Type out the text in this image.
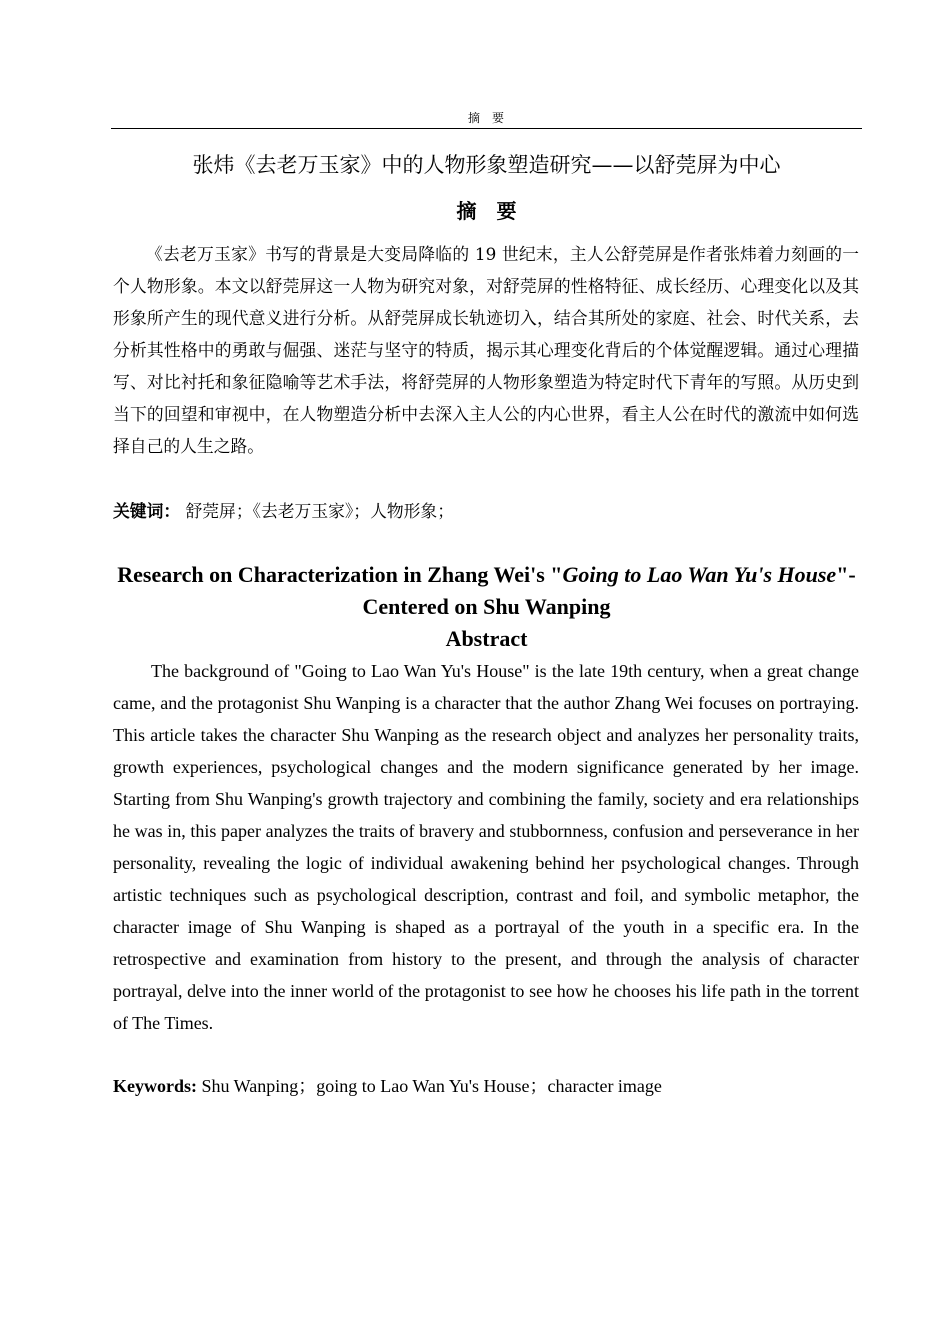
摘　要
张炜《去老万玉家》中的人物形象塑造研究——以舒莞屏为中心
摘　要

《去老万玉家》书写的背景是大变局降临的 19 世纪末，主人公舒莞屏是作者张炜着力刻画的一个人物形象。本文以舒莞屏这一人物为研究对象，对舒莞屏的性格特征、成长经历、心理变化以及其形象所产生的现代意义进行分析。从舒莞屏成长轨迹切入，结合其所处的家庭、社会、时代关系，去分析其性格中的勇敢与倔强、迷茫与坚守的特质，揭示其心理变化背后的个体觉醒逻辑。通过心理描写、对比衬托和象征隐喻等艺术手法，将舒莞屏的人物形象塑造为特定时代下青年的写照。从历史到当下的回望和审视中，在人物塑造分析中去深入主人公的内心世界，看主人公在时代的激流中如何选择自己的人生之路。

关键词： 舒莞屏；《去老万玉家》；人物形象；
Research on Characterization in Zhang Wei's "Going to Lao Wan Yu's House"-Centered on Shu Wanping
Abstract

The background of "Going to Lao Wan Yu's House" is the late 19th century, when a great change came, and the protagonist Shu Wanping is a character that the author Zhang Wei focuses on portraying. This article takes the character Shu Wanping as the research object and analyzes her personality traits, growth experiences, psychological changes and the modern significance generated by her image. Starting from Shu Wanping's growth trajectory and combining the family, society and era relationships he was in, this paper analyzes the traits of bravery and stubbornness, confusion and perseverance in her personality, revealing the logic of individual awakening behind her psychological changes. Through artistic techniques such as psychological description, contrast and foil, and symbolic metaphor, the character image of Shu Wanping is shaped as a portrayal of the youth in a specific era. In the retrospective and examination from history to the present, and through the analysis of character portrayal, delve into the inner world of the protagonist to see how he chooses his life path in the torrent of The Times.

Keywords: Shu Wanping；going to Lao Wan Yu's House；character image
